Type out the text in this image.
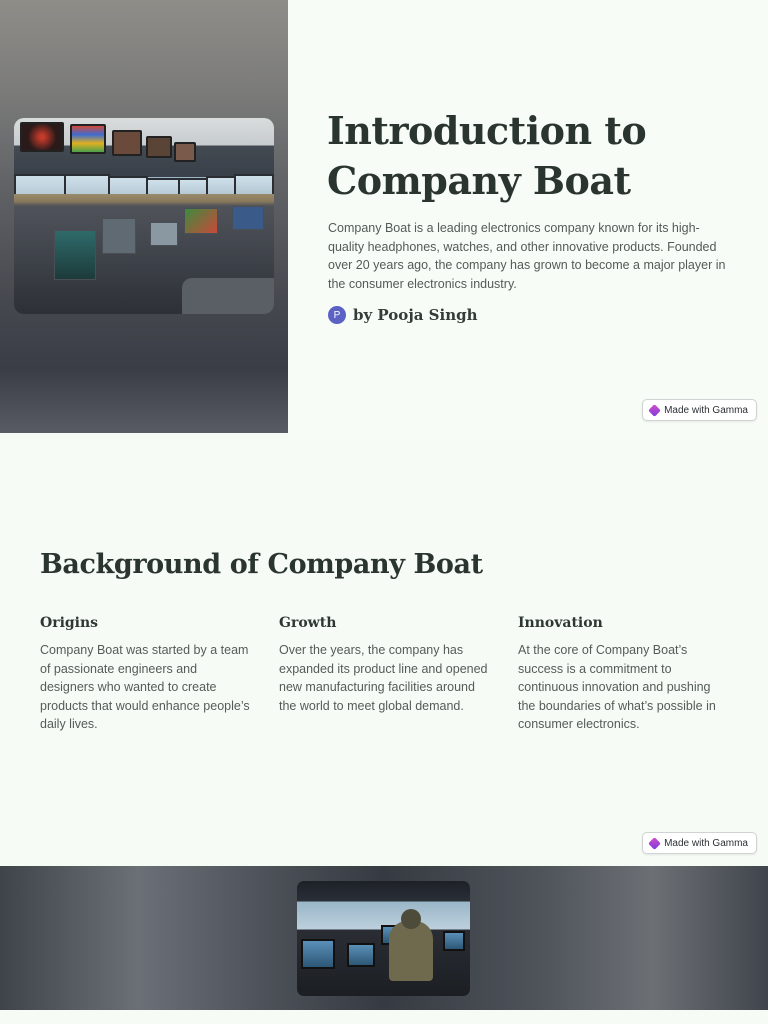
Introduction to
Company Boat

Company Boat is a leading electronics company known for its high-quality headphones, watches, and other innovative products. Founded over 20 years ago, the company has grown to become a major player in the consumer electronics industry.

P by Pooja Singh
Made with Gamma
Background of Company Boat
Origins

Company Boat was started by a team of passionate engineers and designers who wanted to create products that would enhance people’s daily lives.

Growth

Over the years, the company has expanded its product line and opened new manufacturing facilities around the world to meet global demand.

Innovation

At the core of Company Boat’s success is a commitment to continuous innovation and pushing the boundaries of what’s possible in consumer electronics.

Made with Gamma
